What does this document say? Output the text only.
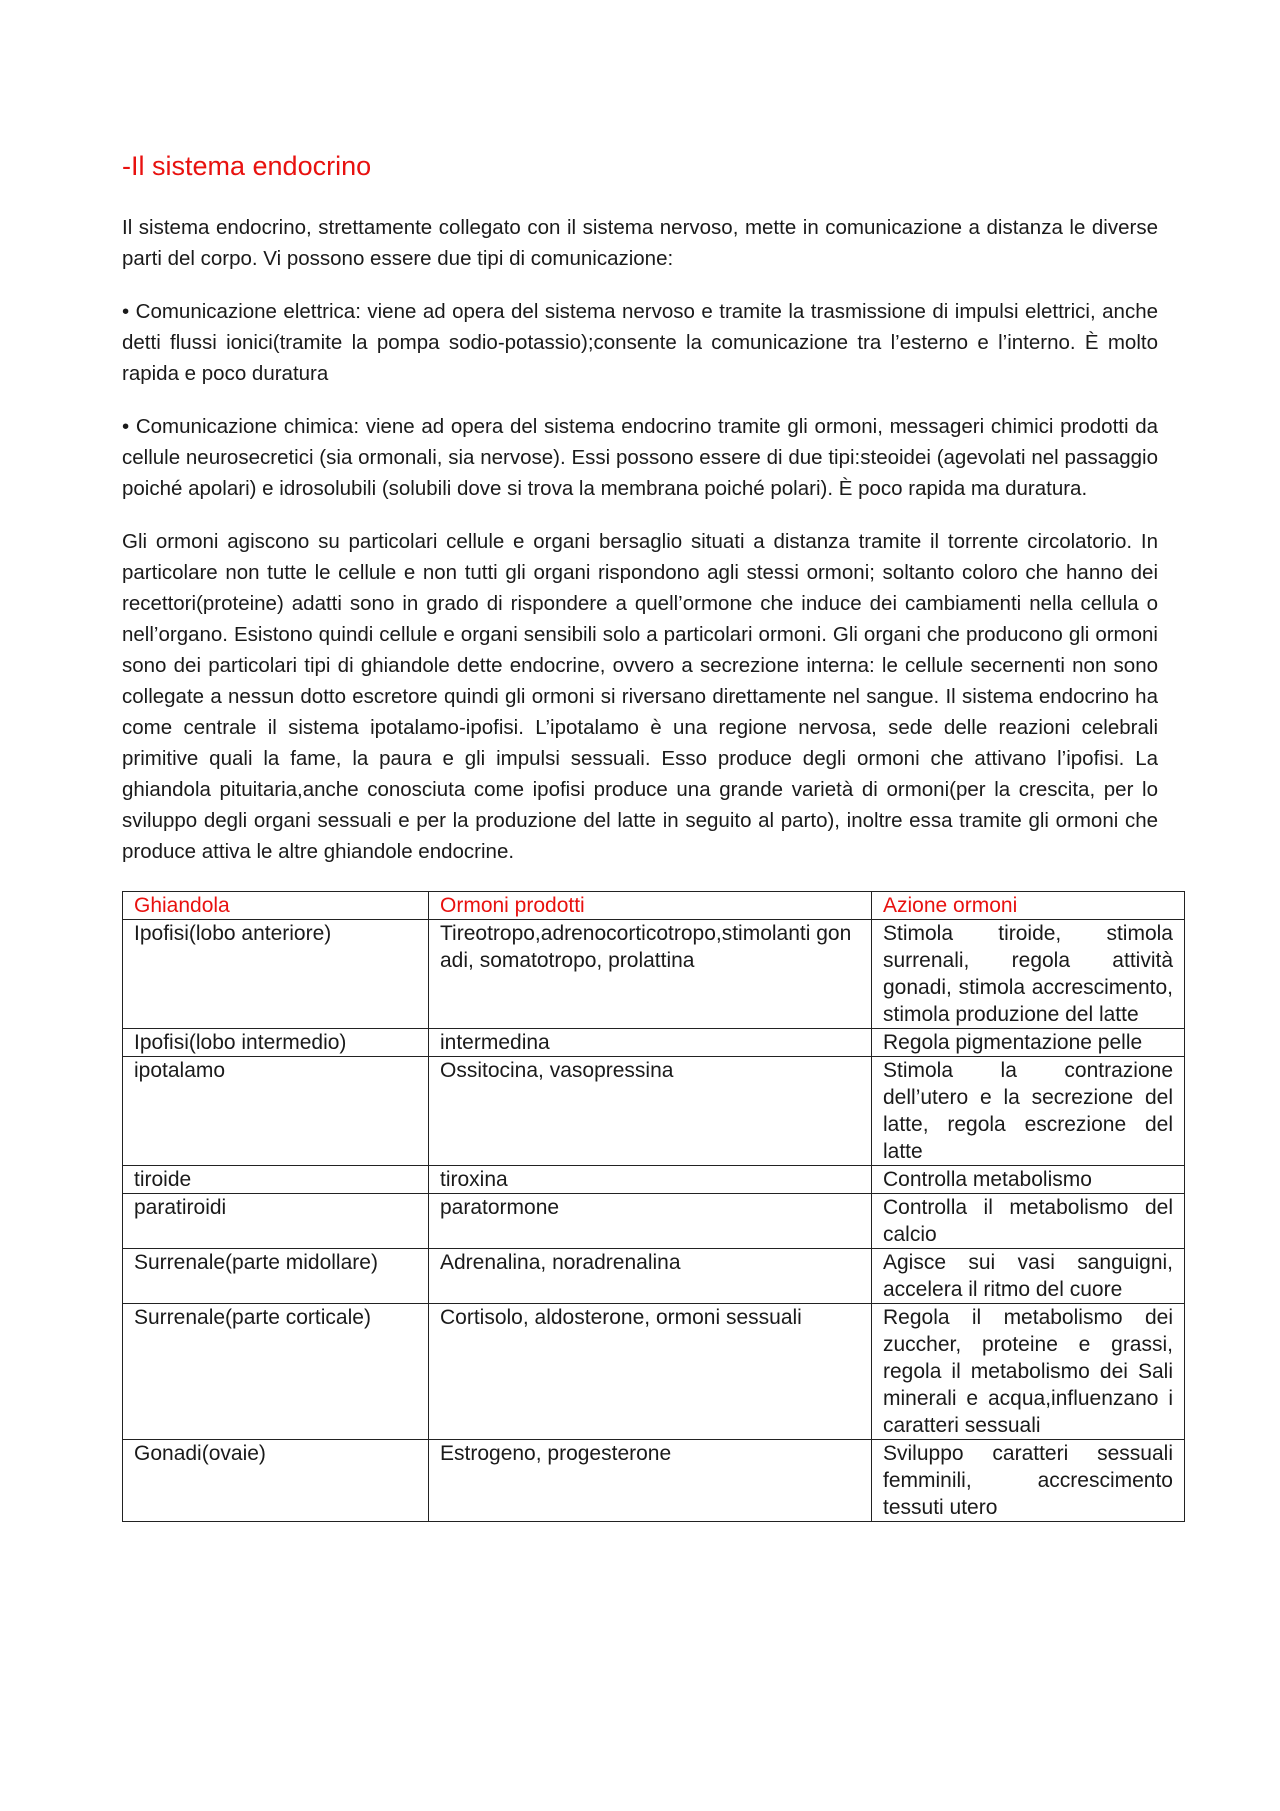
-Il sistema endocrino

Il sistema endocrino, strettamente collegato con il sistema nervoso, mette in comunicazione a distanza le diverse parti del corpo. Vi possono essere due tipi di comunicazione:

• Comunicazione elettrica: viene ad opera del sistema nervoso e tramite la trasmissione di impulsi elettrici, anche detti flussi ionici(tramite la pompa sodio-potassio);consente la comunicazione tra l’esterno e l’interno. È molto rapida e poco duratura

• Comunicazione chimica: viene ad opera del sistema endocrino tramite gli ormoni, messageri chimici prodotti da cellule neurosecretici (sia ormonali, sia nervose). Essi possono essere di due tipi:steoidei (agevolati nel passaggio poiché apolari) e idrosolubili (solubili dove si trova la membrana poiché polari). È poco rapida ma duratura.

Gli ormoni agiscono su particolari cellule e organi bersaglio situati a distanza tramite il torrente circolatorio. In particolare non tutte le cellule e non tutti gli organi rispondono agli stessi ormoni; soltanto coloro che hanno dei recettori(proteine) adatti sono in grado di rispondere a quell’ormone che induce dei cambiamenti nella cellula o nell’organo. Esistono quindi cellule e organi sensibili solo a particolari ormoni. Gli organi che producono gli ormoni sono dei particolari tipi di ghiandole dette endocrine, ovvero a secrezione interna: le cellule secernenti non sono collegate a nessun dotto escretore quindi gli ormoni si riversano direttamente nel sangue. Il sistema endocrino ha come centrale il sistema ipotalamo-ipofisi. L’ipotalamo è una regione nervosa, sede delle reazioni celebrali primitive quali la fame, la paura e gli impulsi sessuali. Esso produce degli ormoni che attivano l’ipofisi. La ghiandola pituitaria,anche conosciuta come ipofisi produce una grande varietà di ormoni(per la crescita, per lo sviluppo degli organi sessuali e per la produzione del latte in seguito al parto), inoltre essa tramite gli ormoni che produce attiva le altre ghiandole endocrine.

Ghiandola	Ormoni prodotti	Azione ormoni
Ipofisi(lobo anteriore)	Tireotropo,adrenocorticotropo,stimolanti gonadi, somatotropo, prolattina	Stimola tiroide, stimola surrenali, regola attività gonadi, stimola accrescimento, stimola produzione del latte
Ipofisi(lobo intermedio)	intermedina	Regola pigmentazione pelle
ipotalamo	Ossitocina, vasopressina	Stimola la contrazione dell’utero e la secrezione del latte, regola escrezione del latte
tiroide	tiroxina	Controlla metabolismo
paratiroidi	paratormone	Controlla il metabolismo del calcio
Surrenale(parte midollare)	Adrenalina, noradrenalina	Agisce sui vasi sanguigni, accelera il ritmo del cuore
Surrenale(parte corticale)	Cortisolo, aldosterone, ormoni sessuali	Regola il metabolismo dei zuccher, proteine e grassi, regola il metabolismo dei Sali minerali e acqua,influenzano i caratteri sessuali
Gonadi(ovaie)	Estrogeno, progesterone	Sviluppo caratteri sessuali femminili, accrescimento tessuti utero
